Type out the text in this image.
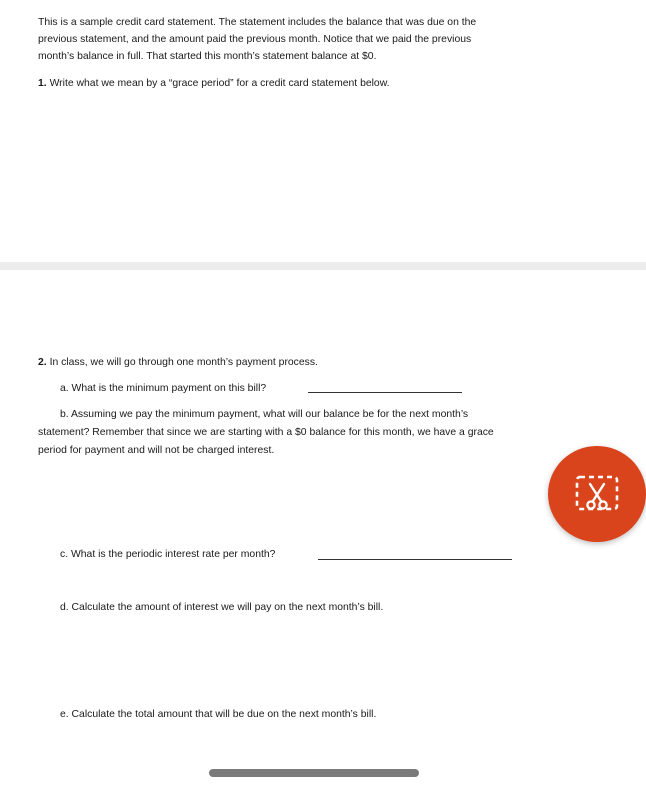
This is a sample credit card statement. The statement includes the balance that was due on the
previous statement, and the amount paid the previous month. Notice that we paid the previous
month’s balance in full. That started this month’s statement balance at $0.
1. Write what we mean by a “grace period” for a credit card statement below.
2. In class, we will go through one month’s payment process.
a. What is the minimum payment on this bill?
b. Assuming we pay the minimum payment, what will our balance be for the next month’s
statement? Remember that since we are starting with a $0 balance for this month, we have a grace
period for payment and will not be charged interest.
c. What is the periodic interest rate per month?
d. Calculate the amount of interest we will pay on the next month’s bill.
e. Calculate the total amount that will be due on the next month’s bill.
